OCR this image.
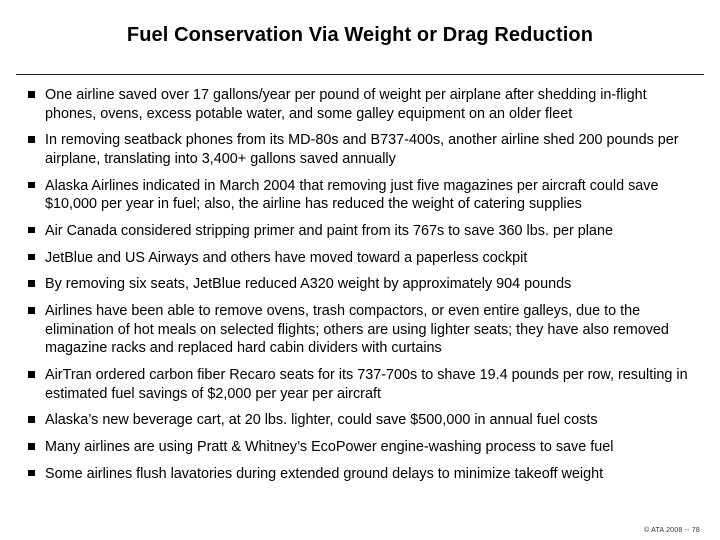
Fuel Conservation Via Weight or Drag Reduction
One airline saved over 17 gallons/year per pound of weight per airplane after shedding in-flight phones, ovens, excess potable water, and some galley equipment on an older fleet
In removing seatback phones from its MD-80s and B737-400s, another airline shed 200 pounds per airplane, translating into 3,400+ gallons saved annually
Alaska Airlines indicated in March 2004 that removing just five magazines per aircraft could save $10,000 per year in fuel; also, the airline has reduced the weight of catering supplies
Air Canada considered stripping primer and paint from its 767s to save 360 lbs. per plane
JetBlue and US Airways and others have moved toward a paperless cockpit
By removing six seats, JetBlue reduced A320 weight by approximately 904 pounds
Airlines have been able to remove ovens, trash compactors, or even entire galleys, due to the elimination of hot meals on selected flights; others are using lighter seats; they have also removed magazine racks and replaced hard cabin dividers with curtains
AirTran ordered carbon fiber Recaro seats for its 737-700s to shave 19.4 pounds per row, resulting in estimated fuel savings of $2,000 per year per aircraft
Alaska’s new beverage cart, at 20 lbs. lighter, could save $500,000 in annual fuel costs
Many airlines are using Pratt & Whitney’s EcoPower engine-washing process to save fuel
Some airlines flush lavatories during extended ground delays to minimize takeoff weight
© ATA 2008 -- 78
